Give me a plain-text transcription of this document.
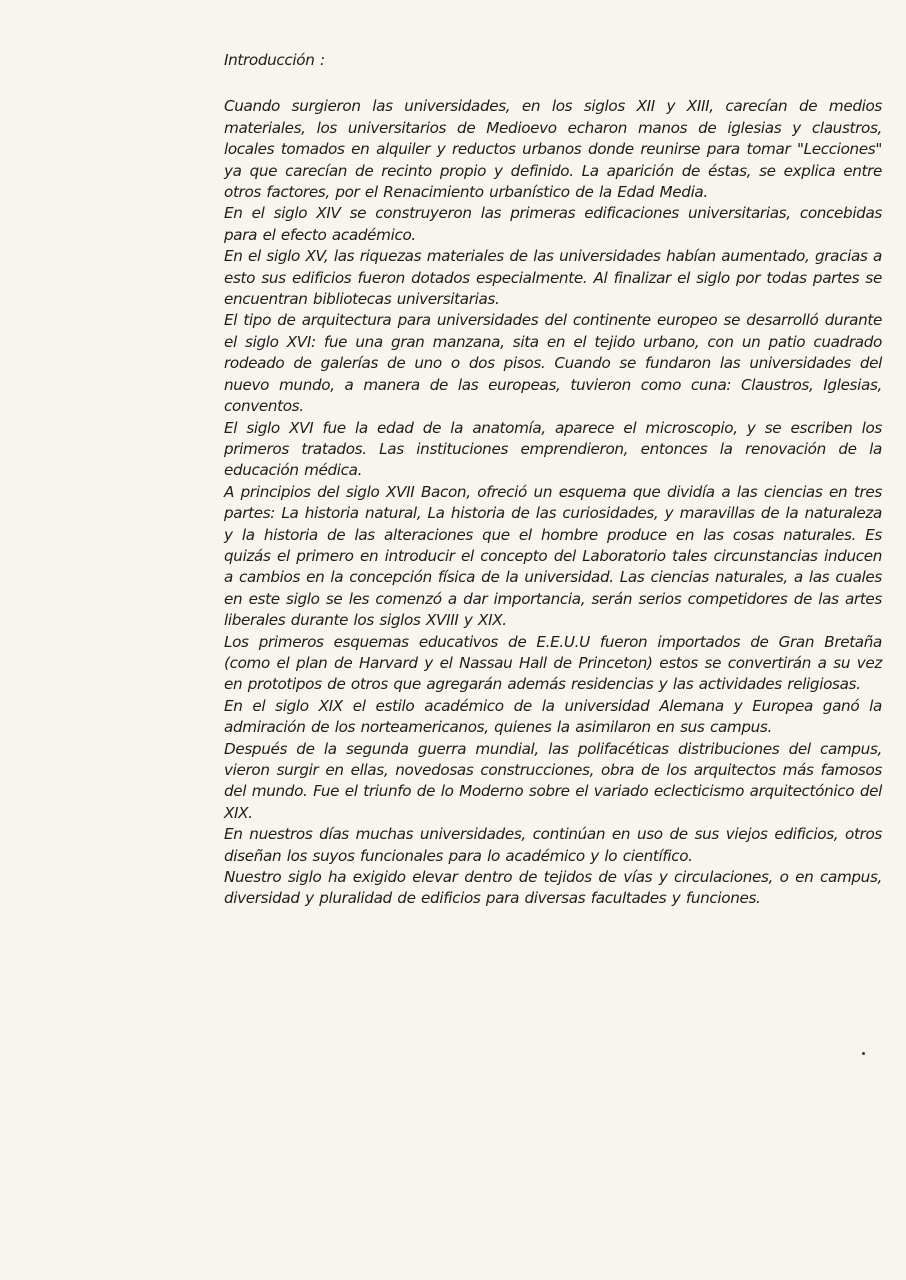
Introducción :

Cuando surgieron las universidades, en los siglos XII y XIII, carecían de medios materiales, los universitarios de Medioevo echaron manos de iglesias y claustros, locales tomados en alquiler y reductos urbanos donde reunirse para tomar "Lecciones" ya que carecían de recinto propio y definido. La aparición de éstas, se explica entre otros factores, por el Renacimiento urbanístico de la Edad Media.

En el siglo XIV se construyeron las primeras edificaciones universitarias, concebidas para el efecto académico.

En el siglo XV, las riquezas materiales de las universidades habían aumentado, gracias a esto sus edificios fueron dotados especialmente. Al finalizar el siglo por todas partes se encuentran bibliotecas universitarias.

El tipo de arquitectura para universidades del continente europeo se desarrolló durante el siglo XVI: fue una gran manzana, sita en el tejido urbano, con un patio cuadrado rodeado de galerías de uno o dos pisos. Cuando se fundaron las universidades del nuevo mundo, a manera de las europeas, tuvieron como cuna: Claustros, Iglesias, conventos.

El siglo XVI fue la edad de la anatomía, aparece el microscopio, y se escriben los primeros tratados. Las instituciones emprendieron, entonces la renovación de la educación médica.

A principios del siglo XVII Bacon, ofreció un esquema que dividía a las ciencias en tres partes: La historia natural, La historia de las curiosidades, y maravillas de la naturaleza y la historia de las alteraciones que el hombre produce en las cosas naturales. Es quizás el primero en introducir el concepto del Laboratorio tales circunstancias inducen a cambios en la concepción física de la universidad. Las ciencias naturales, a las cuales en este siglo se les comenzó a dar importancia, serán serios competidores de las artes liberales durante los siglos XVIII y XIX.

Los primeros esquemas educativos de E.E.U.U fueron importados de Gran Bretaña (como el plan de Harvard y el Nassau Hall de Princeton) estos se convertirán a su vez en prototipos de otros que agregarán además residencias y las actividades religiosas.

En el siglo XIX el estilo académico de la universidad Alemana y Europea ganó la admiración de los norteamericanos, quienes la asimilaron en sus campus.

Después de la segunda guerra mundial, las polifacéticas distribuciones del campus, vieron surgir en ellas, novedosas construcciones, obra de los arquitectos más famosos del mundo. Fue el triunfo de lo Moderno sobre el variado eclecticismo arquitectónico del XIX.

En nuestros días muchas universidades, continúan en uso de sus viejos edificios, otros diseñan los suyos funcionales para lo académico y lo científico.

Nuestro siglo ha exigido elevar dentro de tejidos de vías y circulaciones, o en campus, diversidad y pluralidad de edificios para diversas facultades y funciones.
